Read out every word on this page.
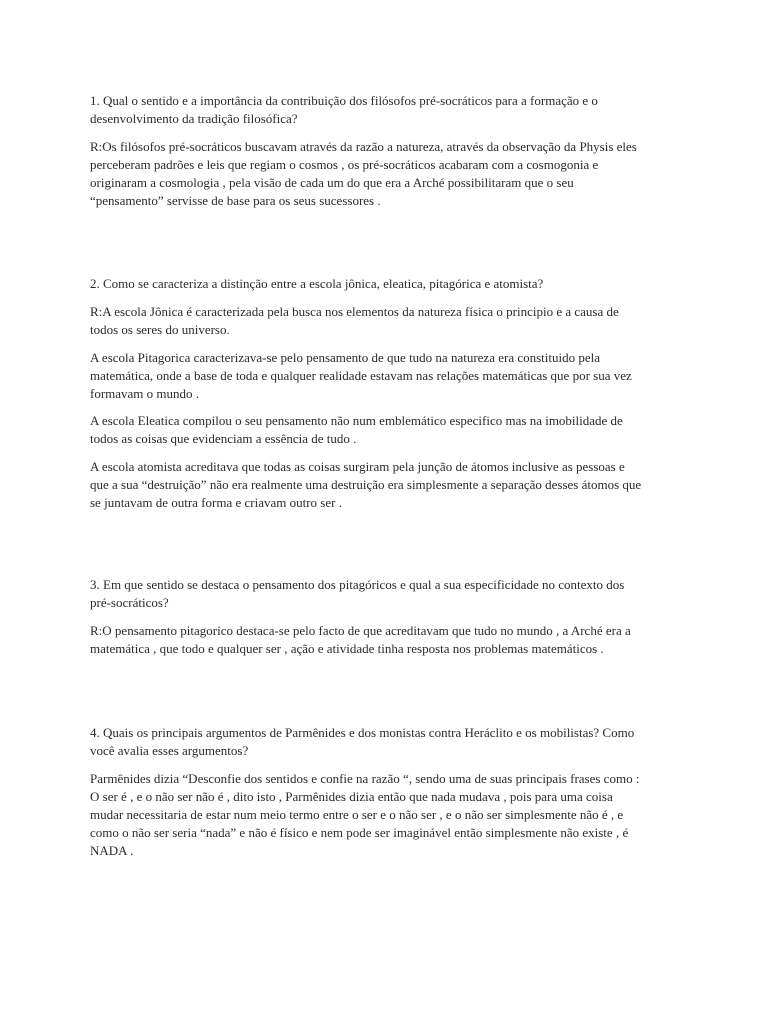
1. Qual o sentido e a importância da contribuição dos filósofos pré-socráticos para a formação e o
desenvolvimento da tradição filosófica?

R:Os filósofos pré-socráticos buscavam através da razão a natureza, através da observação da Physis eles
perceberam padrões e leis que regiam o cosmos , os pré-socráticos acabaram com a cosmogonia e
originaram a cosmologia , pela visão de cada um do que era a Arché possibilitaram que o seu
“pensamento” servisse de base para os seus sucessores .

2. Como se caracteriza a distinção entre a escola jônica, eleatica, pitagórica e atomista?

R:A escola Jônica é caracterizada pela busca nos elementos da natureza física o principio e a causa de
todos os seres do universo.

A escola Pitagorica caracterizava-se pelo pensamento de que tudo na natureza era constituido pela
matemática, onde a base de toda e qualquer realidade estavam nas relações matemáticas que por sua vez
formavam o mundo .

A escola Eleatica compilou o seu pensamento não num emblemático especifico mas na imobilidade de
todos as coisas que evidenciam a essência de tudo .

A escola atomista acreditava que todas as coisas surgiram pela junção de átomos inclusive as pessoas e
que a sua “destruição” não era realmente uma destruição era simplesmente a separação desses átomos que
se juntavam de outra forma e criavam outro ser .

3. Em que sentido se destaca o pensamento dos pitagóricos e qual a sua especificidade no contexto dos
pré-socráticos?

R:O pensamento pitagorico destaca-se pelo facto de que acreditavam que tudo no mundo , a Arché era a
matemática , que todo e qualquer ser , ação e atividade tinha resposta nos problemas matemáticos .

4. Quais os principais argumentos de Parmênides e dos monistas contra Heráclito e os mobilistas? Como
você avalia esses argumentos?

Parmênides dizia “Desconfie dos sentidos e confie na razão “, sendo uma de suas principais frases como :
O ser é , e o não ser não é , dito isto , Parmênides dizia então que nada mudava , pois para uma coisa
mudar necessitaria de estar num meio termo entre o ser e o não ser , e o não ser simplesmente não é , e
como o não ser seria “nada” e não é físico e nem pode ser imaginável então simplesmente não existe , é
NADA .
